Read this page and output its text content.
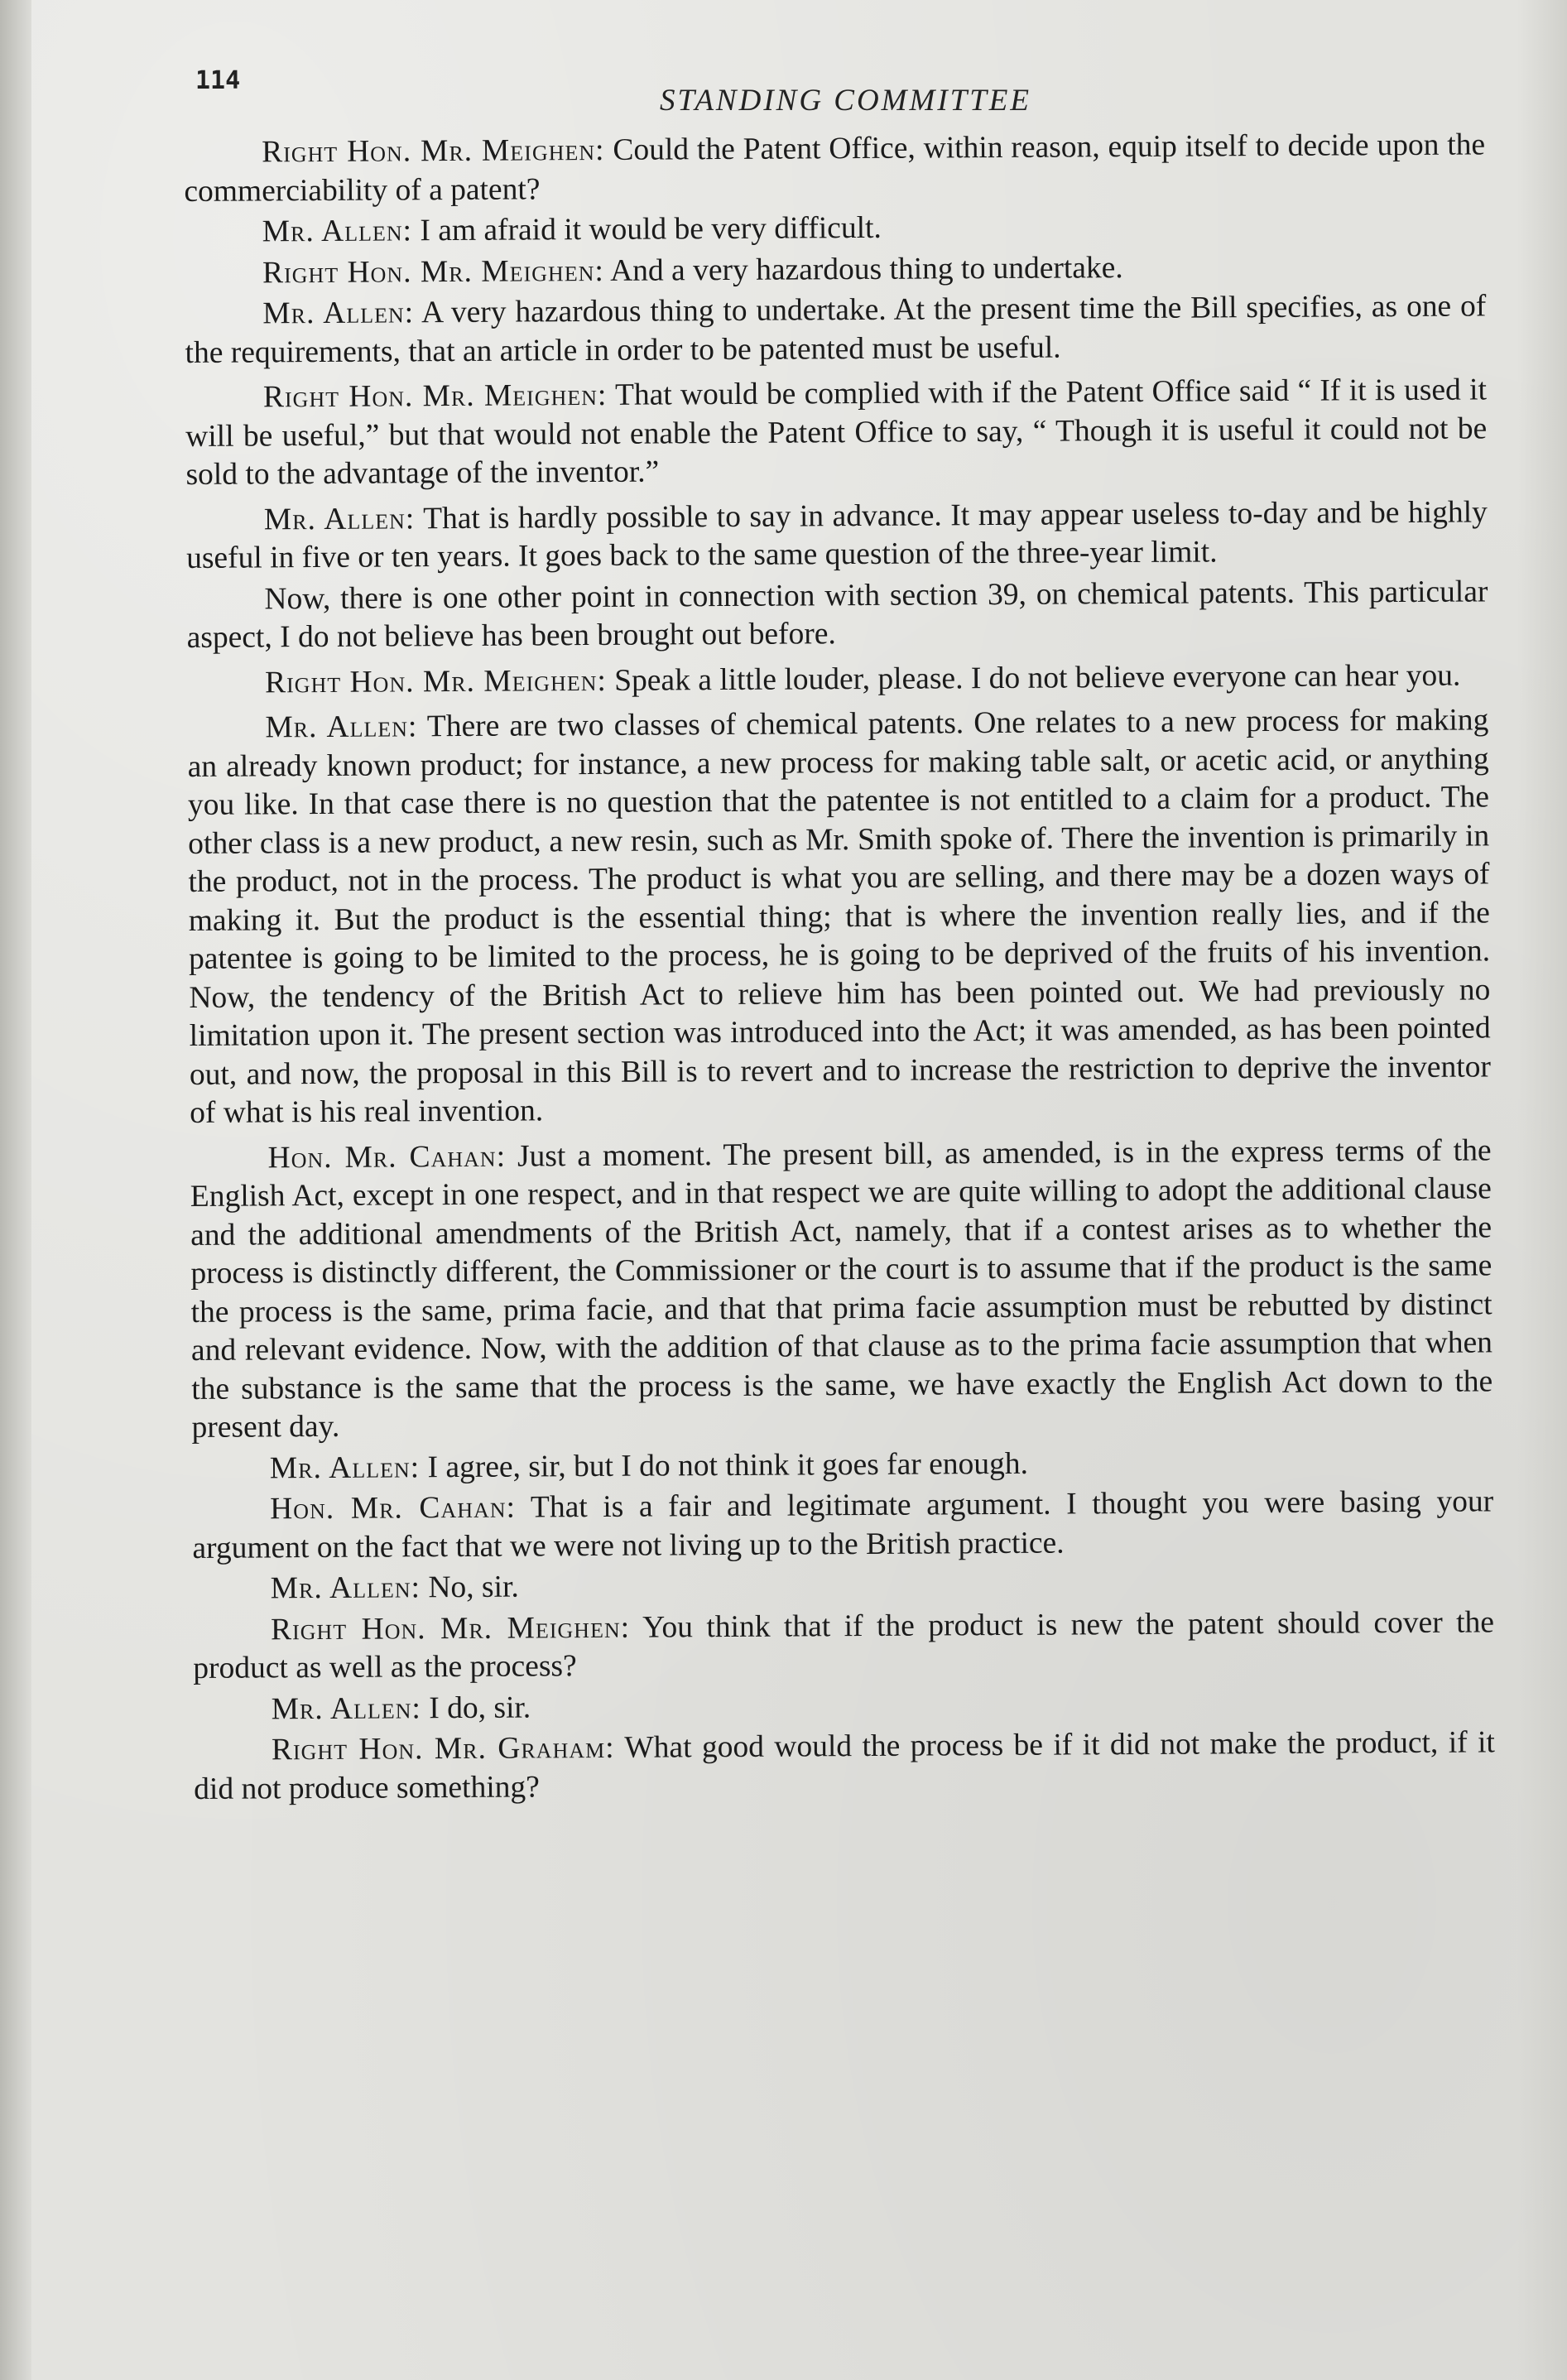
114
STANDING COMMITTEE

Right Hon. Mr. Meighen: Could the Patent Office, within reason, equip itself to decide upon the commerciability of a patent?

Mr. Allen: I am afraid it would be very difficult.

Right Hon. Mr. Meighen: And a very hazardous thing to undertake.

Mr. Allen: A very hazardous thing to undertake. At the present time the Bill specifies, as one of the requirements, that an article in order to be patented must be useful.

Right Hon. Mr. Meighen: That would be complied with if the Patent Office said “ If it is used it will be useful,” but that would not enable the Patent Office to say, “ Though it is useful it could not be sold to the advantage of the inventor.”

Mr. Allen: That is hardly possible to say in advance. It may appear useless to-day and be highly useful in five or ten years. It goes back to the same question of the three-year limit.

Now, there is one other point in connection with section 39, on chemical patents. This particular aspect, I do not believe has been brought out before.

Right Hon. Mr. Meighen: Speak a little louder, please. I do not believe everyone can hear you.

Mr. Allen: There are two classes of chemical patents. One relates to a new process for making an already known product; for instance, a new process for making table salt, or acetic acid, or anything you like. In that case there is no question that the patentee is not entitled to a claim for a product. The other class is a new product, a new resin, such as Mr. Smith spoke of. There the invention is primarily in the product, not in the process. The product is what you are selling, and there may be a dozen ways of making it. But the product is the essential thing; that is where the invention really lies, and if the patentee is going to be limited to the process, he is going to be deprived of the fruits of his invention. Now, the tendency of the British Act to relieve him has been pointed out. We had previously no limitation upon it. The present section was introduced into the Act; it was amended, as has been pointed out, and now, the proposal in this Bill is to revert and to increase the restriction to deprive the inventor of what is his real invention.

Hon. Mr. Cahan: Just a moment. The present bill, as amended, is in the express terms of the English Act, except in one respect, and in that respect we are quite willing to adopt the additional clause and the additional amendments of the British Act, namely, that if a contest arises as to whether the process is distinctly different, the Commissioner or the court is to assume that if the product is the same the process is the same, prima facie, and that that prima facie assumption must be rebutted by distinct and relevant evidence. Now, with the addition of that clause as to the prima facie assumption that when the substance is the same that the process is the same, we have exactly the English Act down to the present day.

Mr. Allen: I agree, sir, but I do not think it goes far enough.

Hon. Mr. Cahan: That is a fair and legitimate argument. I thought you were basing your argument on the fact that we were not living up to the British practice.

Mr. Allen: No, sir.

Right Hon. Mr. Meighen: You think that if the product is new the patent should cover the product as well as the process?

Mr. Allen: I do, sir.

Right Hon. Mr. Graham: What good would the process be if it did not make the product, if it did not produce something?
